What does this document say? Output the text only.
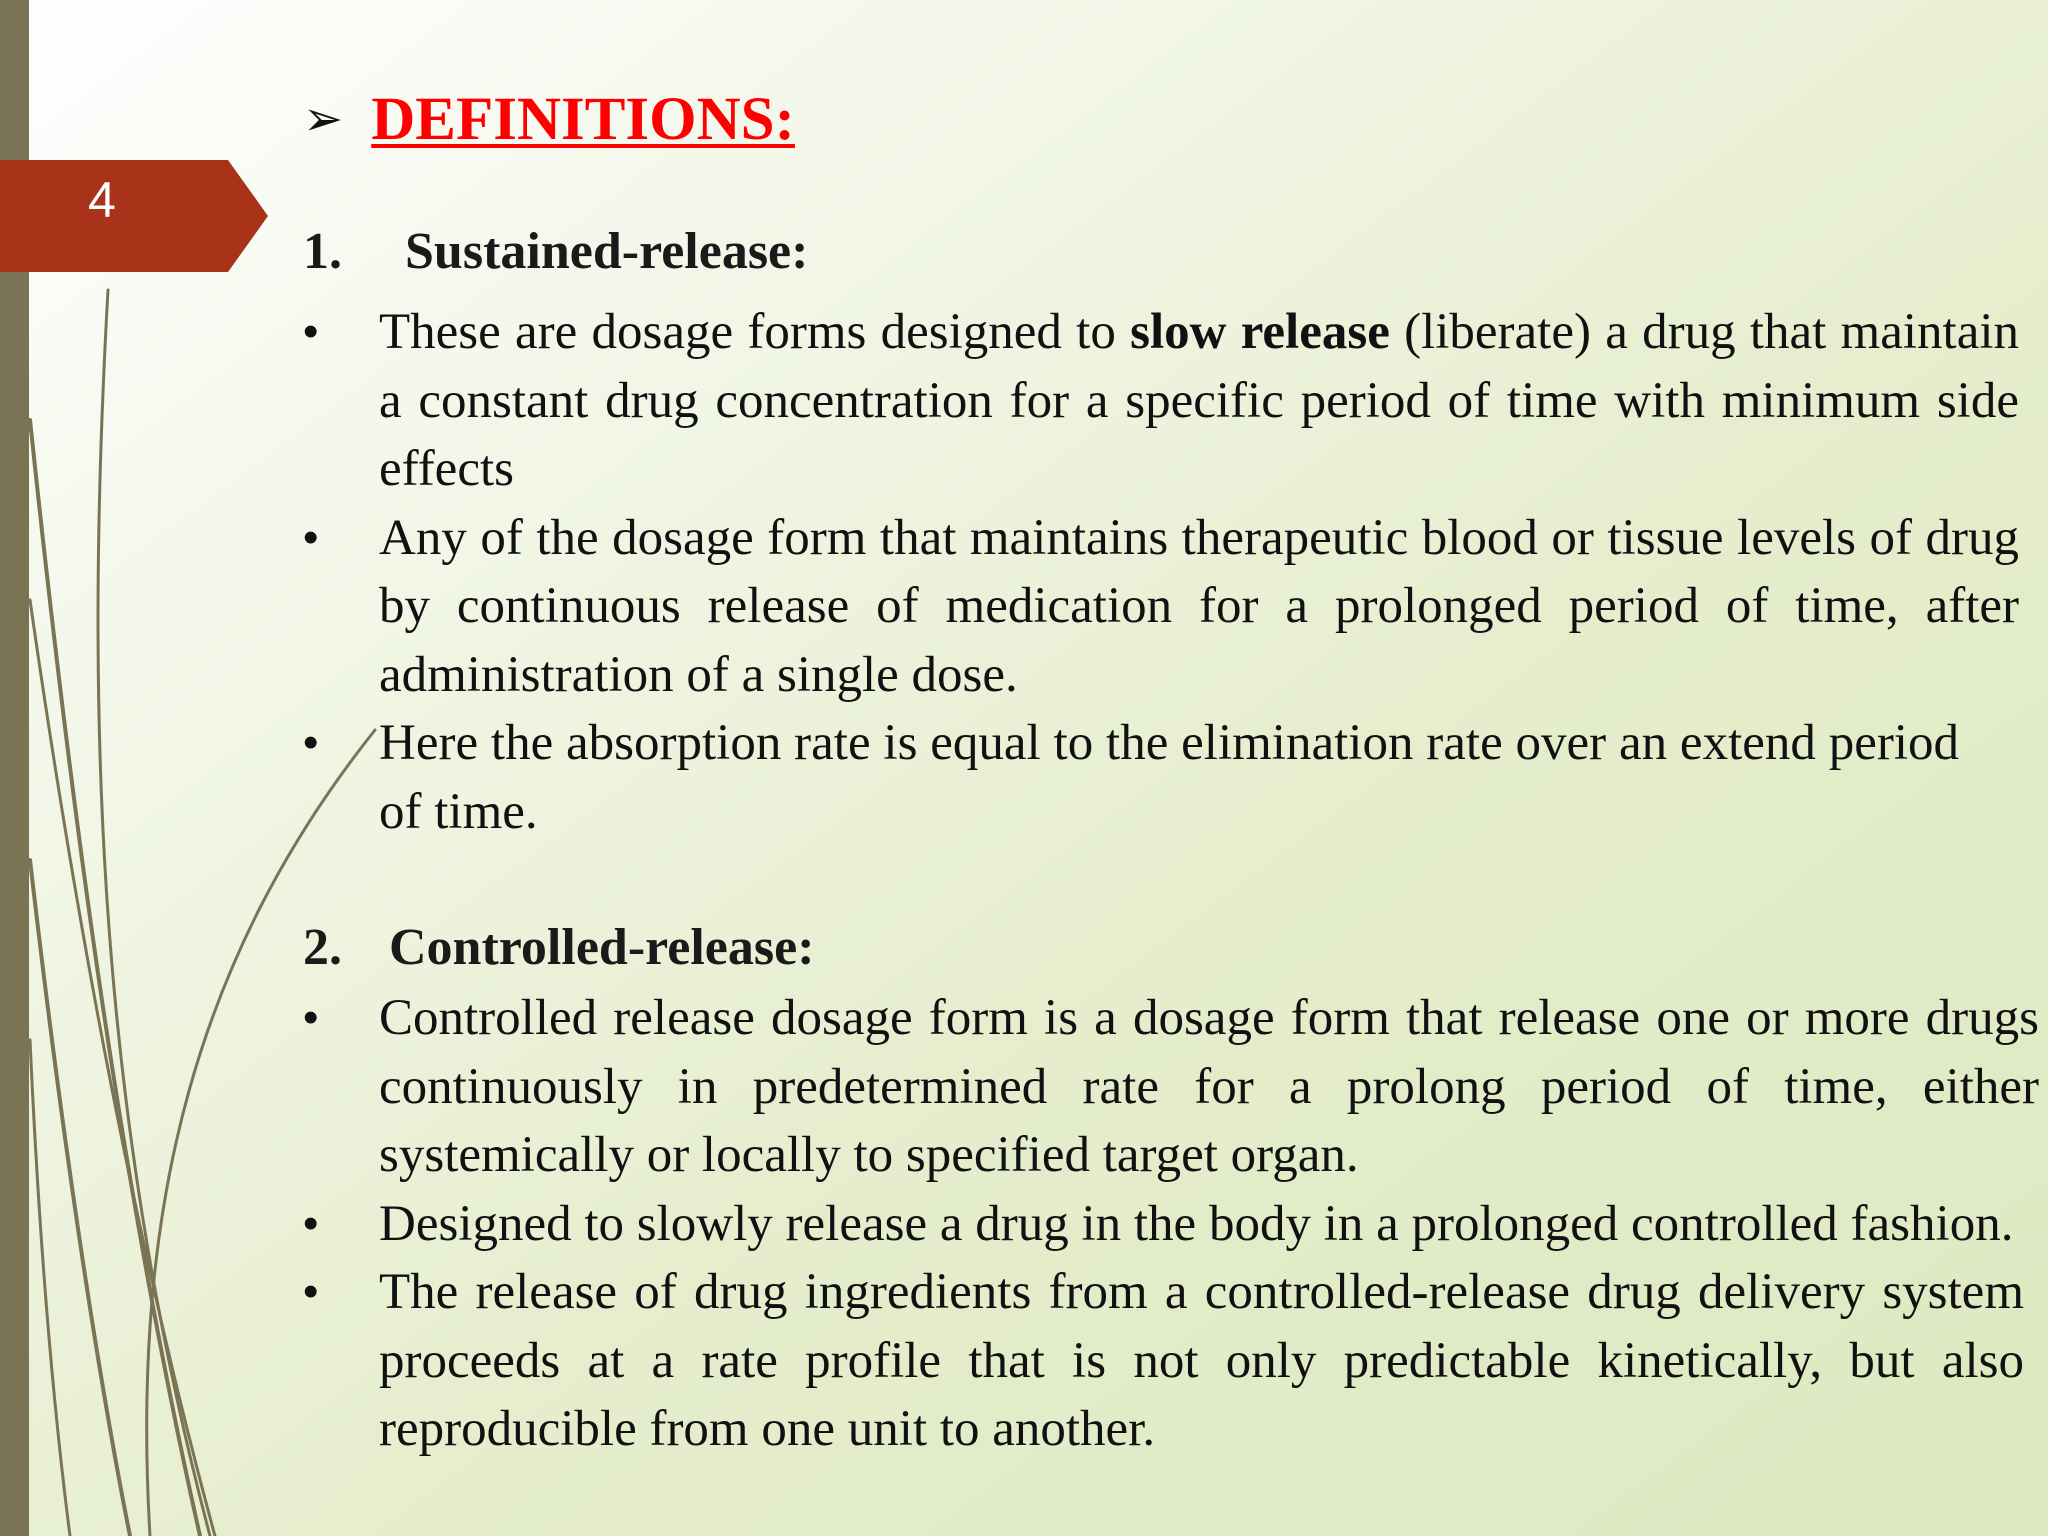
4
➢ DEFINITIONS:
1. Sustained-release:
• These are dosage forms designed to slow release (liberate) a drug that maintain a constant drug concentration for a specific period of time with minimum side effects
• Any of the dosage form that maintains therapeutic blood or tissue levels of drug by continuous release of medication for a prolonged period of time, after administration of a single dose.
• Here the absorption rate is equal to the elimination rate over an extend period of time.
2. Controlled-release:
• Controlled release dosage form is a dosage form that release one or more drugs continuously in predetermined rate for a prolong period of time, either systemically or locally to specified target organ.
• Designed to slowly release a drug in the body in a prolonged controlled fashion.
• The release of drug ingredients from a controlled-release drug delivery system proceeds at a rate profile that is not only predictable kinetically, but also reproducible from one unit to another.
